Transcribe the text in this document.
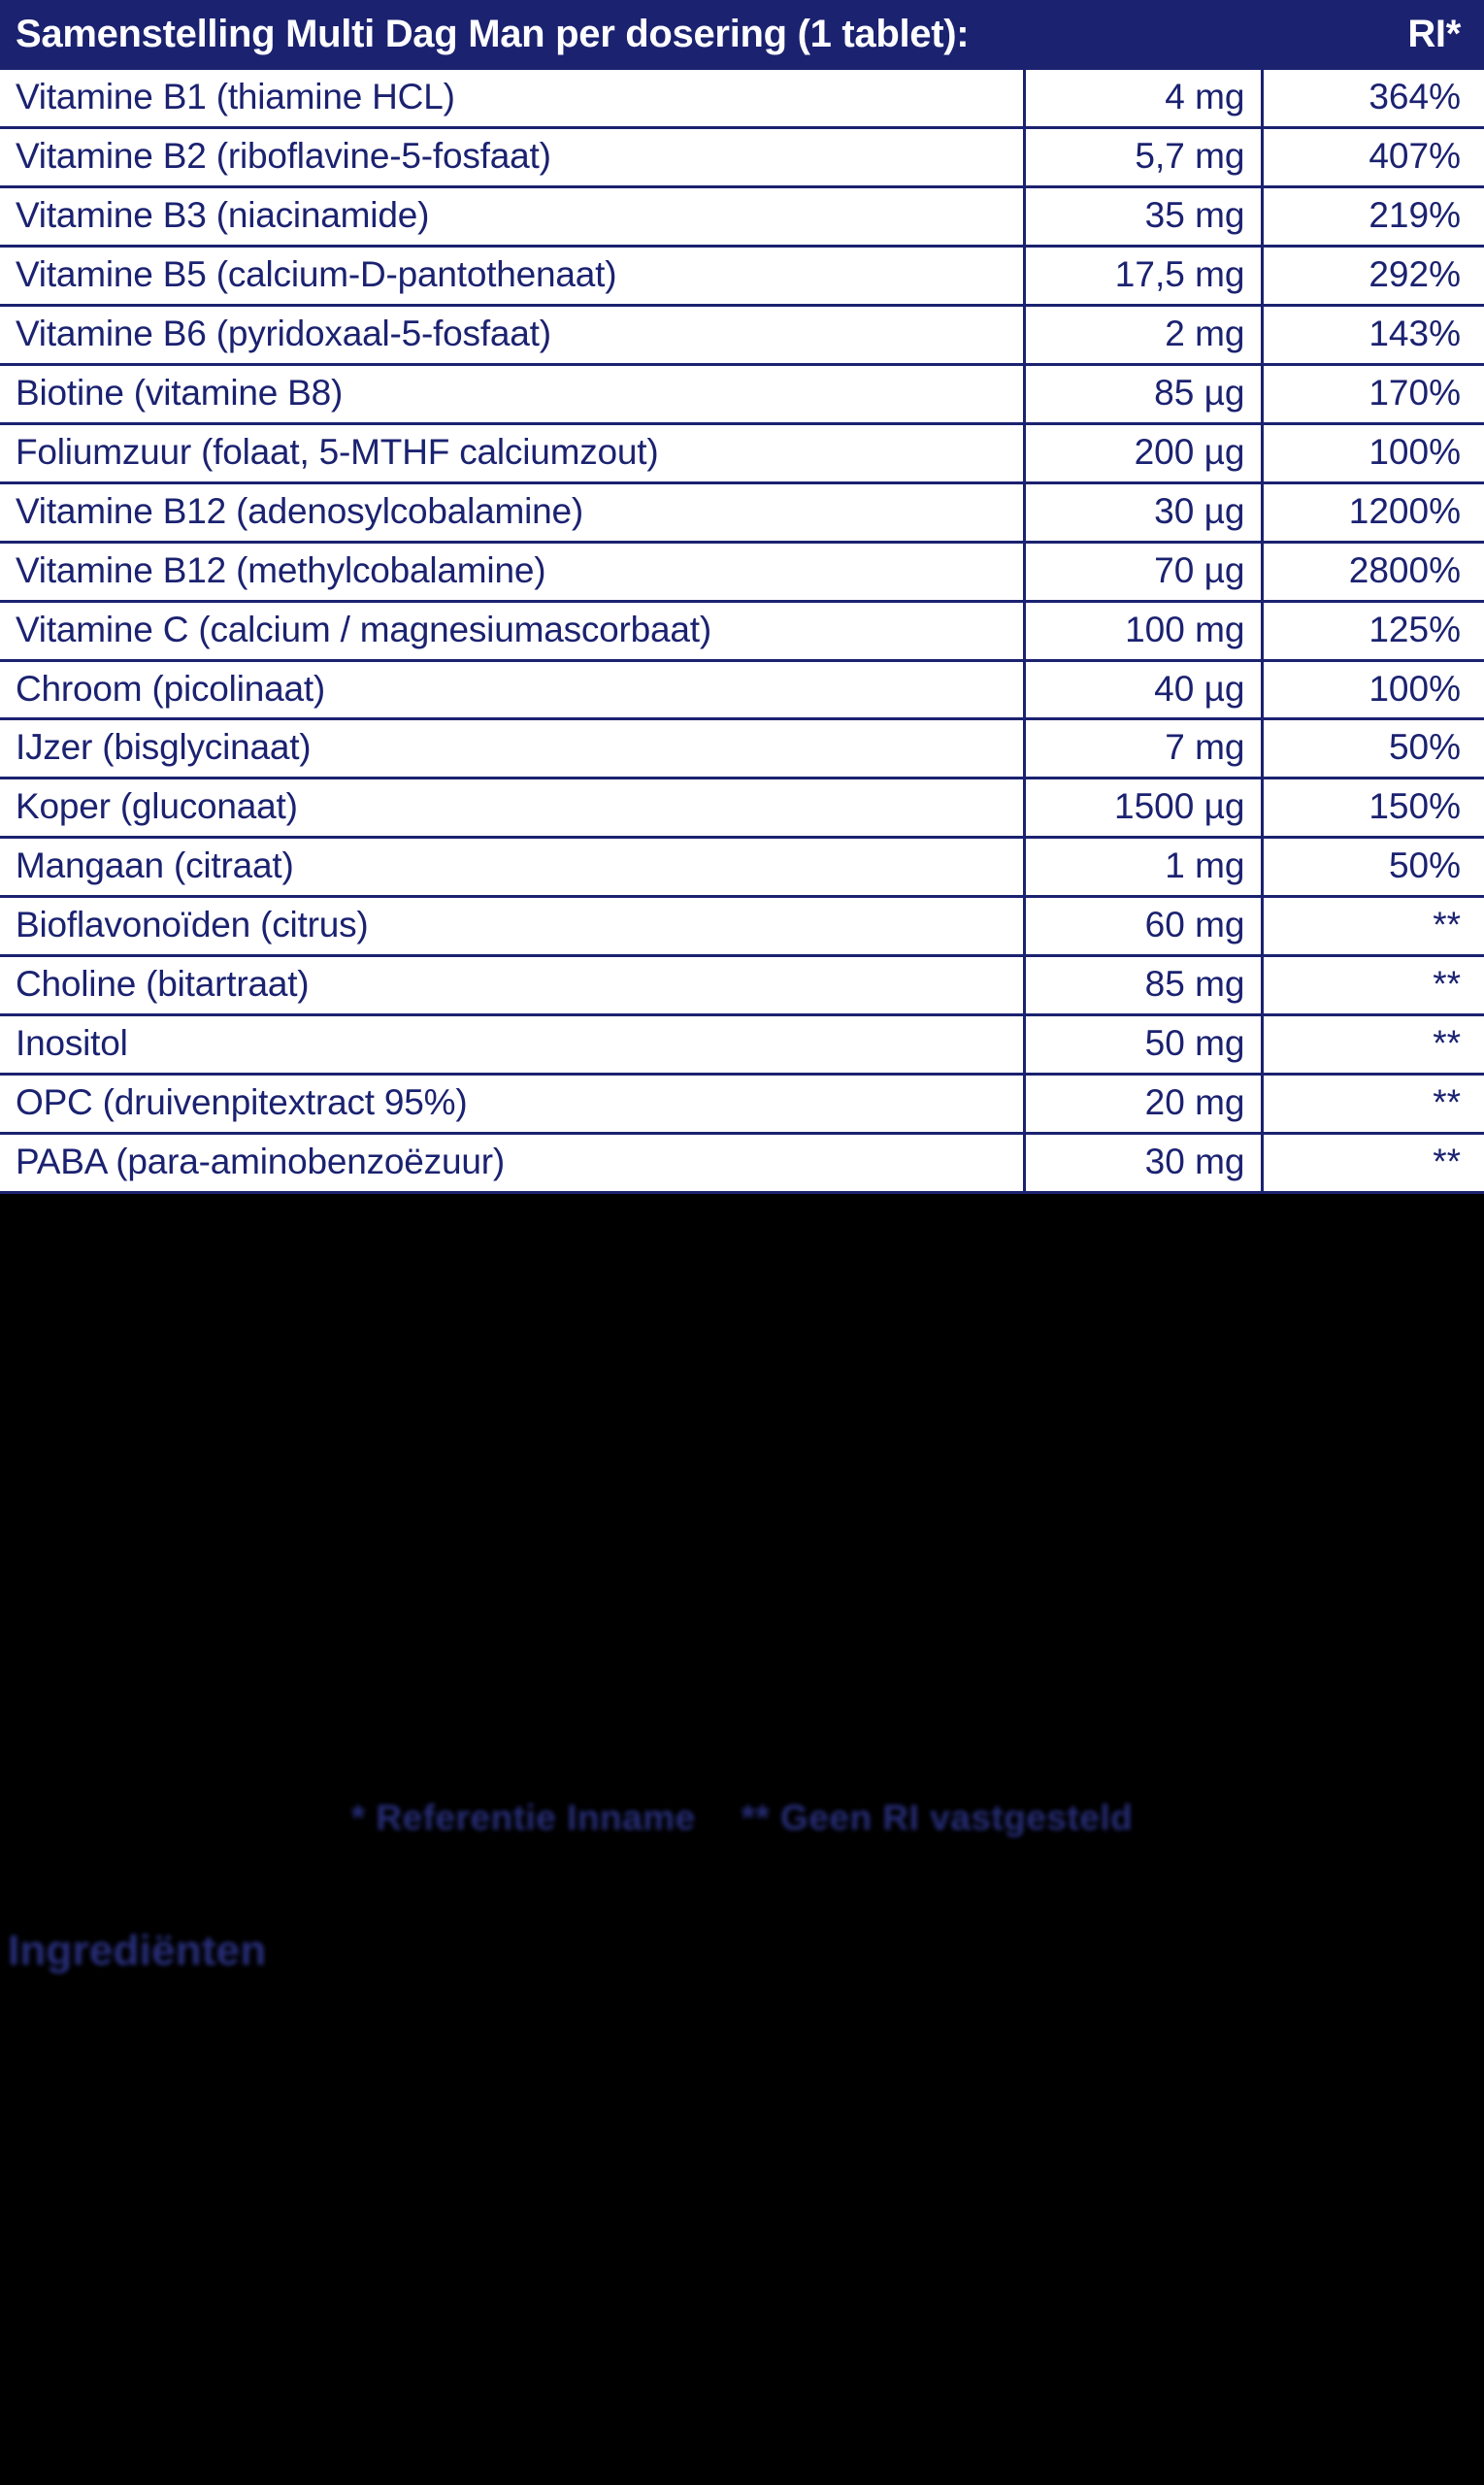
Samenstelling Multi Dag Man per dosering (1 tablet):		RI*
Vitamine B1 (thiamine HCL)	4 mg	364%
Vitamine B2 (riboflavine-5-fosfaat)	5,7 mg	407%
Vitamine B3 (niacinamide)	35 mg	219%
Vitamine B5 (calcium-D-pantothenaat)	17,5 mg	292%
Vitamine B6 (pyridoxaal-5-fosfaat)	2 mg	143%
Biotine (vitamine B8)	85 µg	170%
Foliumzuur (folaat, 5-MTHF calciumzout)	200 µg	100%
Vitamine B12 (adenosylcobalamine)	30 µg	1200%
Vitamine B12 (methylcobalamine)	70 µg	2800%
Vitamine C (calcium / magnesiumascorbaat)	100 mg	125%
Chroom (picolinaat)	40 µg	100%
IJzer (bisglycinaat)	7 mg	50%
Koper (gluconaat)	1500 µg	150%
Mangaan (citraat)	1 mg	50%
Bioflavonoïden (citrus)	60 mg	**
Choline (bitartraat)	85 mg	**
Inositol	50 mg	**
OPC (druivenpitextract 95%)	20 mg	**
PABA (para-aminobenzoëzuur)	30 mg	**
* Referentie Inname ** Geen RI vastgesteld
Ingrediënten
